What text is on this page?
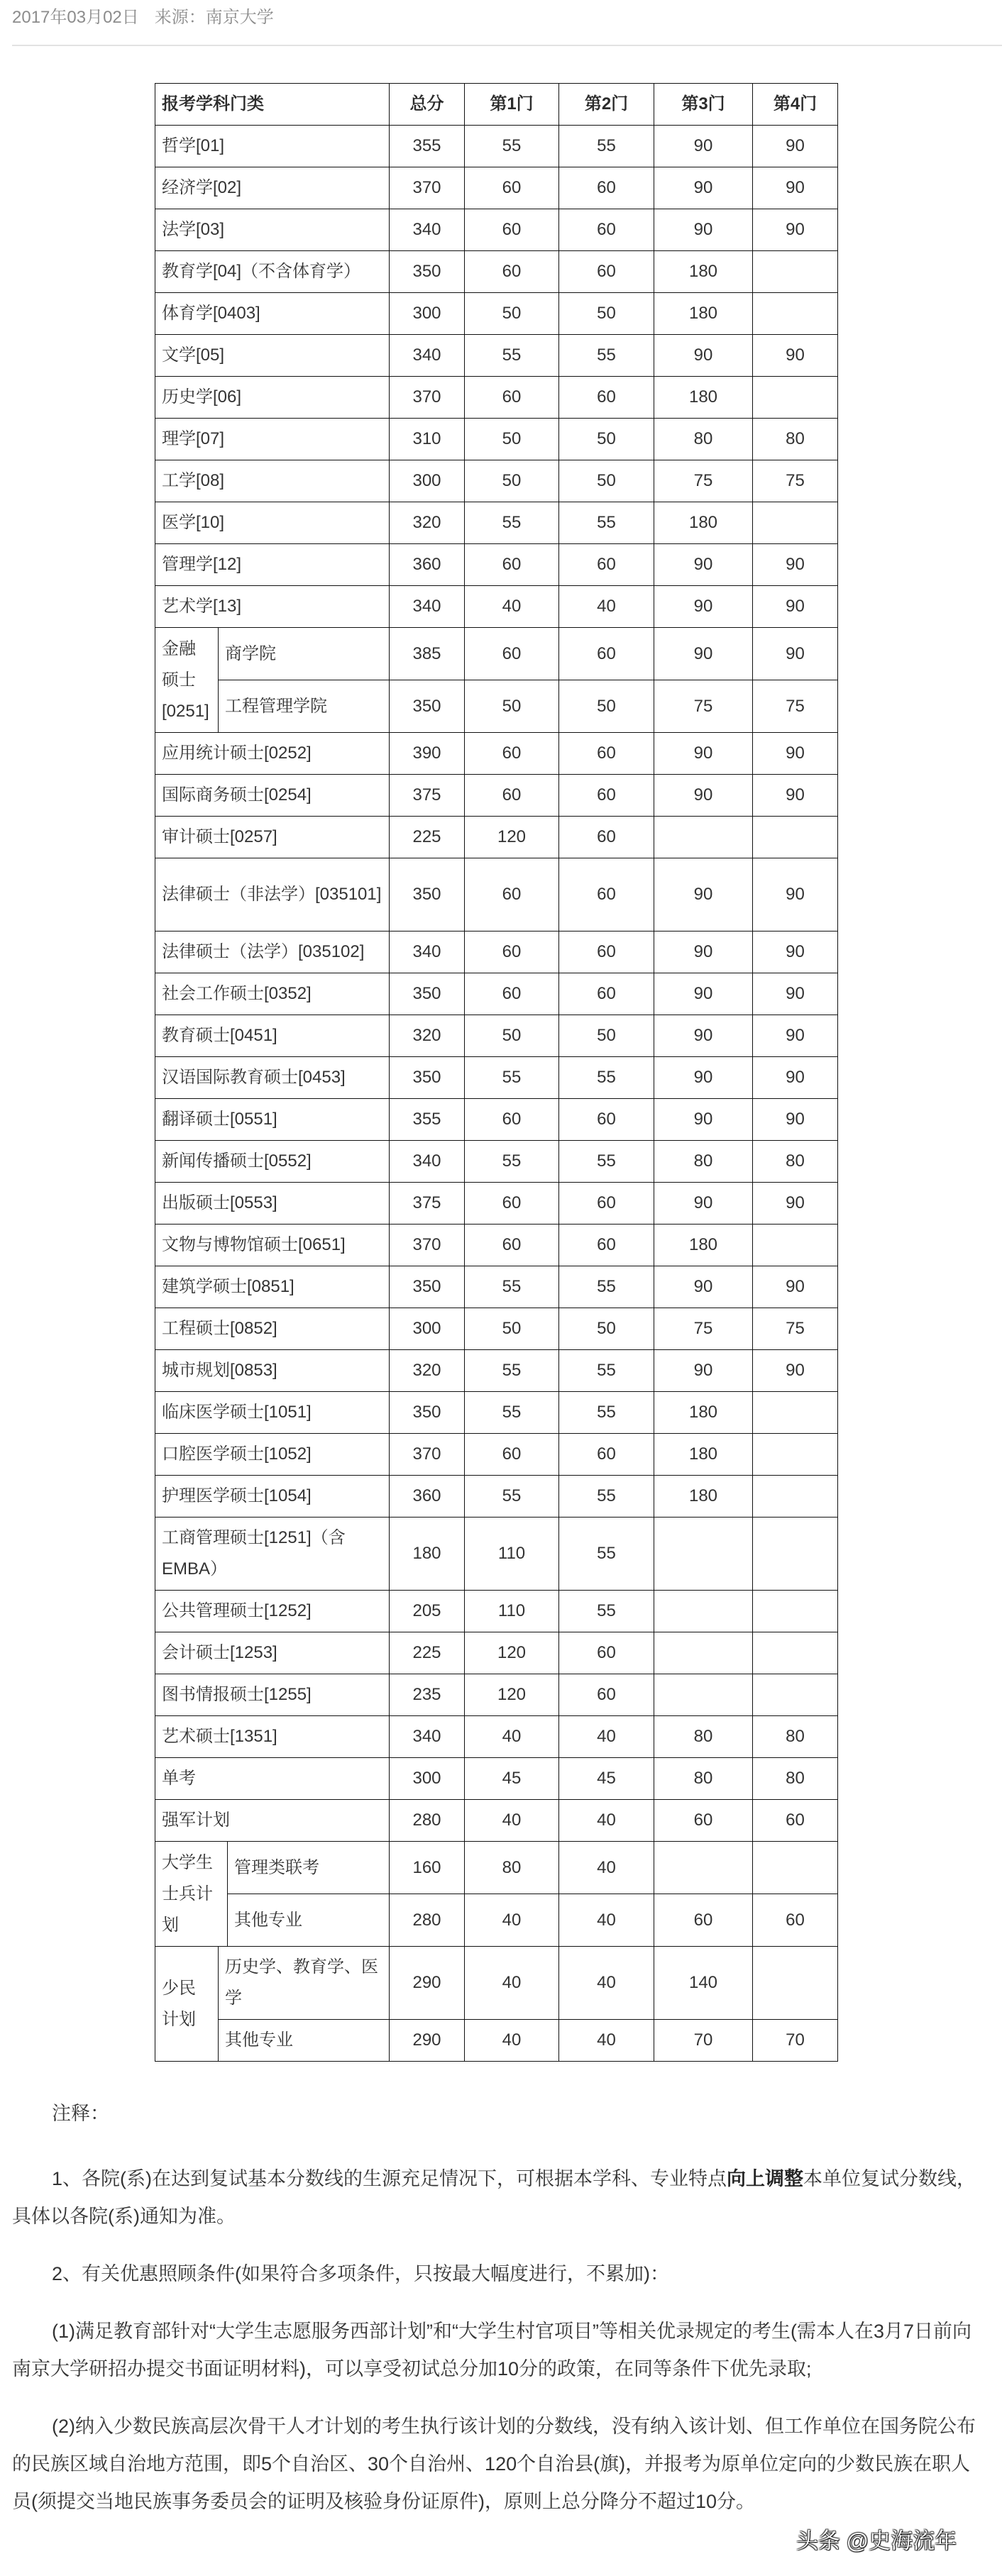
2017年03月02日 来源：南京大学
报考学科门类			总分	第1门	第2门	第3门	第4门
哲学[01]			355	55	55	90	90
经济学[02]			370	60	60	90	90
法学[03]			340	60	60	90	90
教育学[04]（不含体育学）			350	60	60	180	
体育学[0403]			300	50	50	180	
文学[05]			340	55	55	90	90
历史学[06]			370	60	60	180	
理学[07]			310	50	50	80	80
工学[08]			300	50	50	75	75
医学[10]			320	55	55	180	
管理学[12]			360	60	60	90	90
艺术学[13]			340	40	40	90	90
金融硕士[0251]	商学院		385	60	60	90	90
	工程管理学院		350	50	50	75	75
应用统计硕士[0252]			390	60	60	90	90
国际商务硕士[0254]			375	60	60	90	90
审计硕士[0257]			225	120	60		
法律硕士（非法学）[035101]			350	60	60	90	90
法律硕士（法学）[035102]			340	60	60	90	90
社会工作硕士[0352]			350	60	60	90	90
教育硕士[0451]			320	50	50	90	90
汉语国际教育硕士[0453]			350	55	55	90	90
翻译硕士[0551]			355	60	60	90	90
新闻传播硕士[0552]			340	55	55	80	80
出版硕士[0553]			375	60	60	90	90
文物与博物馆硕士[0651]			370	60	60	180	
建筑学硕士[0851]			350	55	55	90	90
工程硕士[0852]			300	50	50	75	75
城市规划[0853]			320	55	55	90	90
临床医学硕士[1051]			350	55	55	180	
口腔医学硕士[1052]			370	60	60	180	
护理医学硕士[1054]			360	55	55	180	
工商管理硕士[1251]（含EMBA）			180	110	55		
公共管理硕士[1252]			205	110	55		
会计硕士[1253]			225	120	60		
图书情报硕士[1255]			235	120	60		
艺术硕士[1351]			340	40	40	80	80
单考			300	45	45	80	80
强军计划			280	40	40	60	60
大学生士兵计划		管理类联考	160	80	40		
		其他专业	280	40	40	60	60
少民计划	历史学、教育学、医学		290	40	40	140	
	其他专业		290	40	40	70	70

注释：

1、各院(系)在达到复试基本分数线的生源充足情况下，可根据本学科、专业特点向上调整本单位复试分数线，具体以各院(系)通知为准。

2、有关优惠照顾条件(如果符合多项条件，只按最大幅度进行，不累加)：

(1)满足教育部针对“大学生志愿服务西部计划”和“大学生村官项目”等相关优录规定的考生(需本人在3月7日前向南京大学研招办提交书面证明材料)，可以享受初试总分加10分的政策，在同等条件下优先录取;

(2)纳入少数民族高层次骨干人才计划的考生执行该计划的分数线，没有纳入该计划、但工作单位在国务院公布的民族区域自治地方范围，即5个自治区、30个自治州、120个自治县(旗)，并报考为原单位定向的少数民族在职人员(须提交当地民族事务委员会的证明及核验身份证原件)，原则上总分降分不超过10分。

头条 @史海流年
